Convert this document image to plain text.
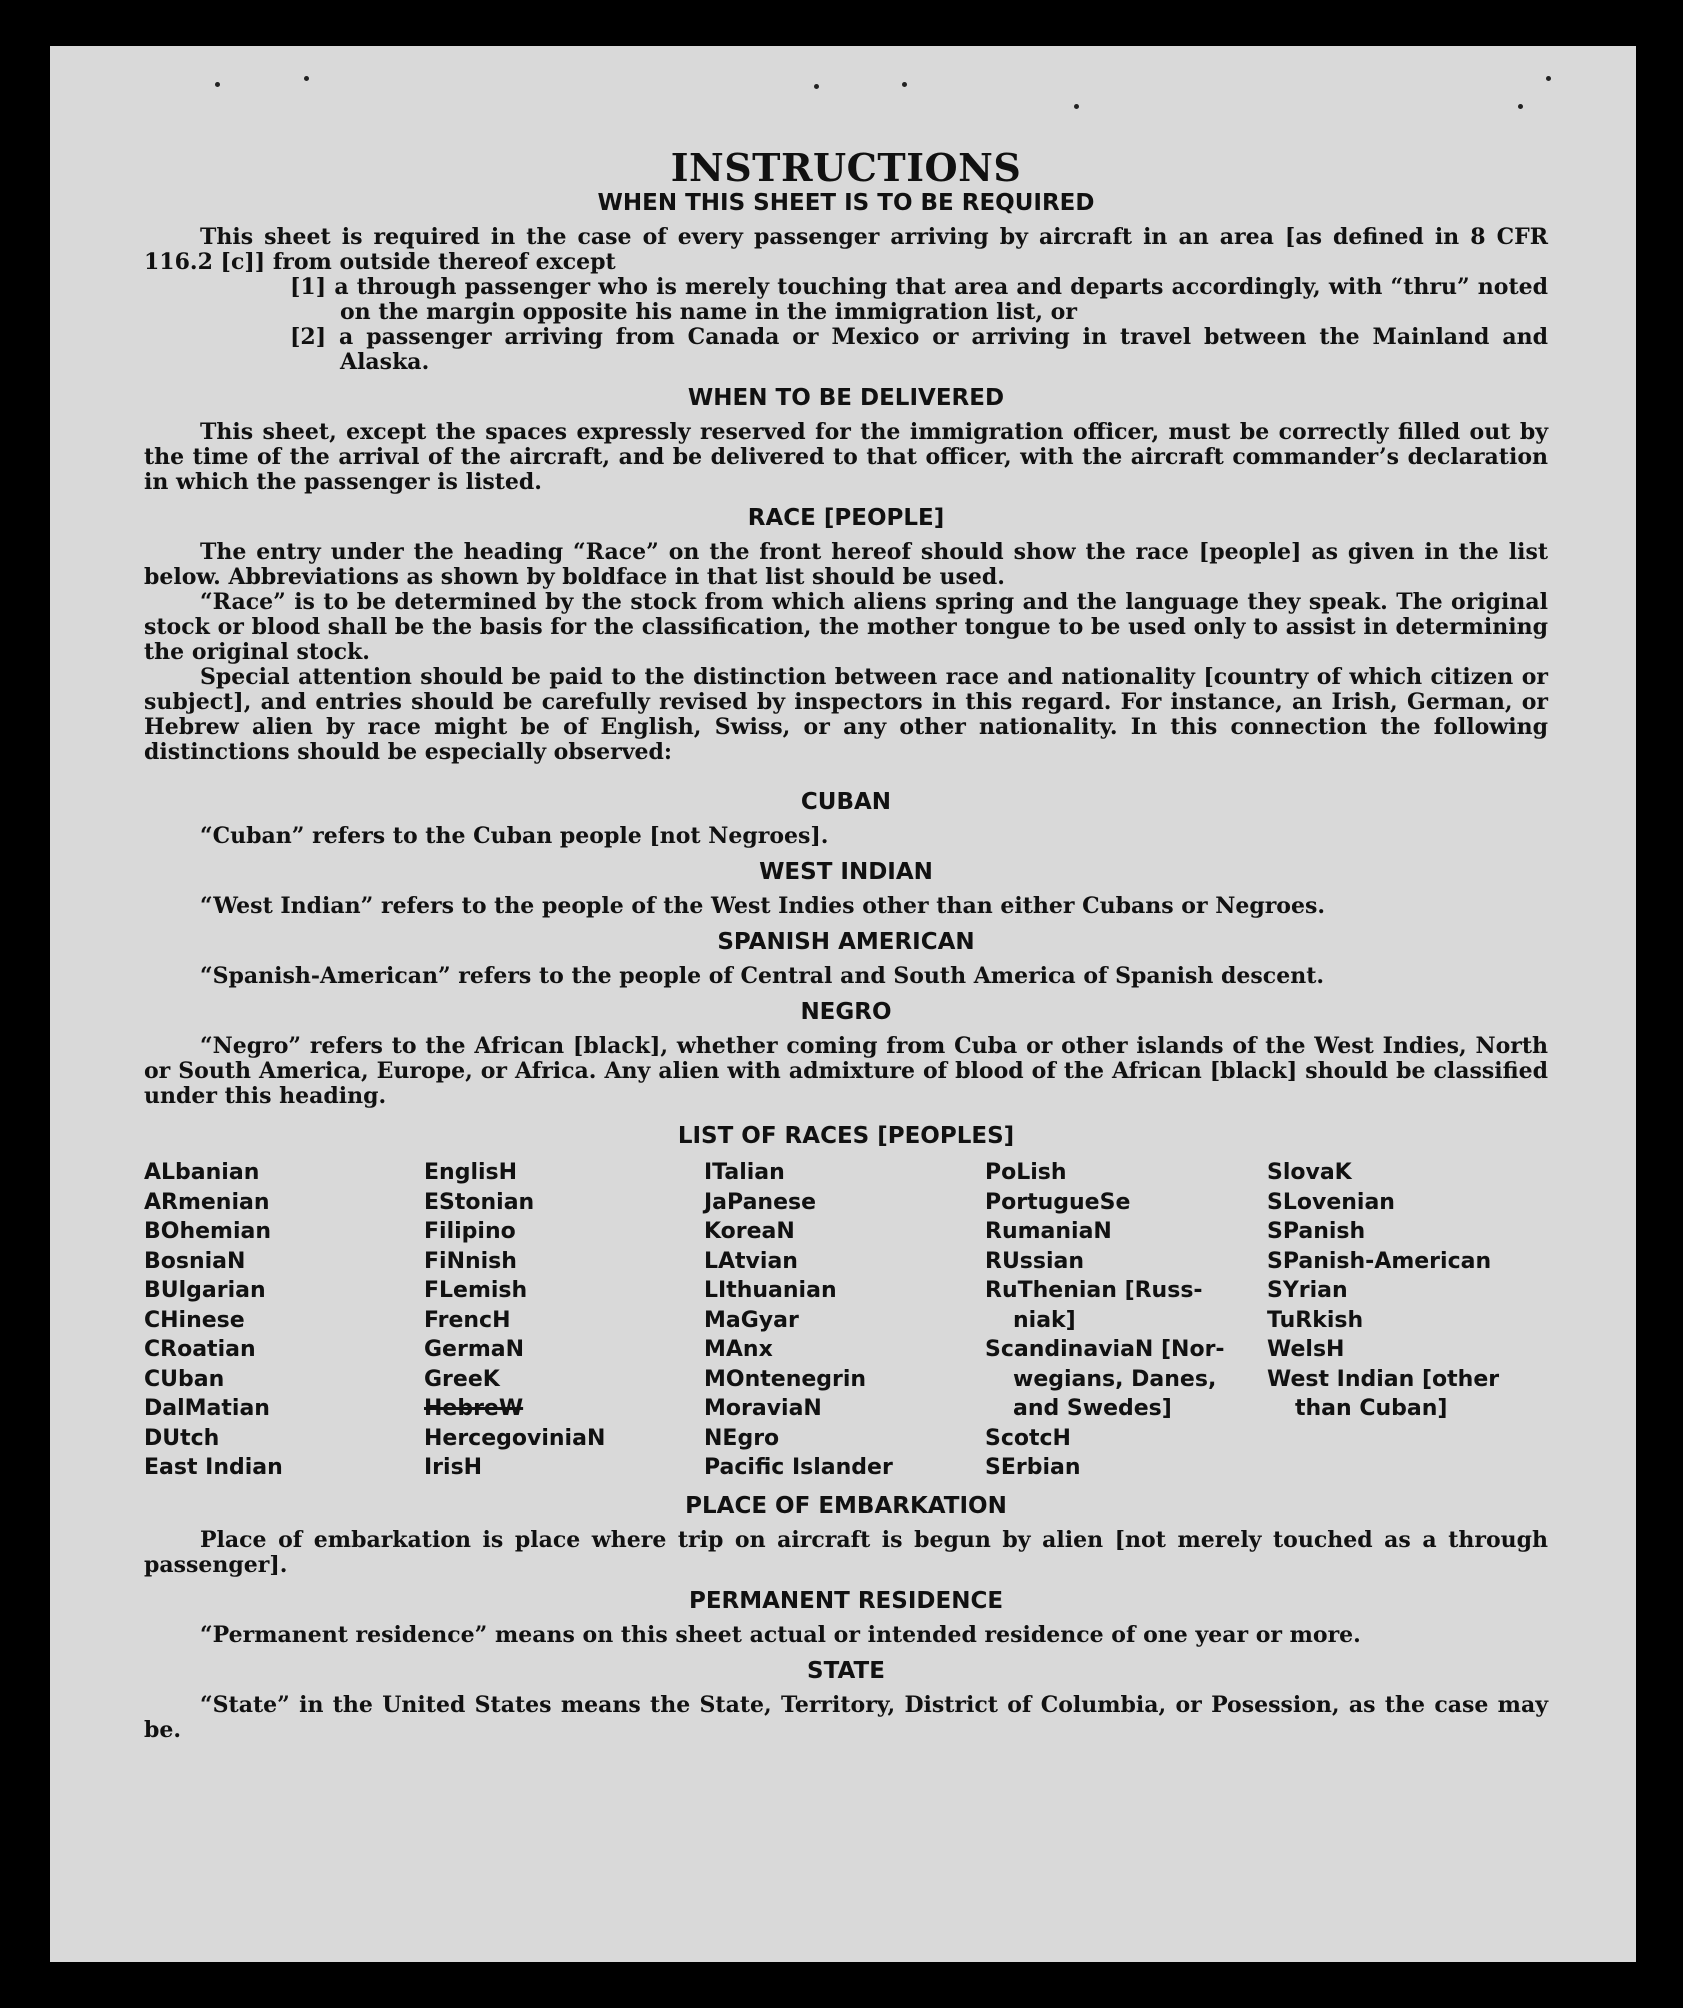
INSTRUCTIONS
WHEN THIS SHEET IS TO BE REQUIRED

This sheet is required in the case of every passenger arriving by aircraft in an area [as defined in 8 CFR 116.2 [c]] from outside thereof except

[1] a through passenger who is merely touching that area and departs accordingly, with “thru” noted on the margin opposite his name in the immigration list, or

[2] a passenger arriving from Canada or Mexico or arriving in travel between the Mainland and Alaska.

WHEN TO BE DELIVERED

This sheet, except the spaces expressly reserved for the immigration officer, must be correctly filled out by the time of the arrival of the aircraft, and be delivered to that officer, with the aircraft commander’s declaration in which the passenger is listed.

RACE [PEOPLE]

The entry under the heading “Race” on the front hereof should show the race [people] as given in the list below. Abbreviations as shown by boldface in that list should be used.

“Race” is to be determined by the stock from which aliens spring and the language they speak. The original stock or blood shall be the basis for the classification, the mother tongue to be used only to assist in determining the original stock.

Special attention should be paid to the distinction between race and nationality [country of which citizen or subject], and entries should be carefully revised by inspectors in this regard. For instance, an Irish, German, or Hebrew alien by race might be of English, Swiss, or any other nationality. In this connection the following distinctions should be especially observed:

CUBAN

“Cuban” refers to the Cuban people [not Negroes].

WEST INDIAN

“West Indian” refers to the people of the West Indies other than either Cubans or Negroes.

SPANISH AMERICAN

“Spanish-American” refers to the people of Central and South America of Spanish descent.

NEGRO

“Negro” refers to the African [black], whether coming from Cuba or other islands of the West Indies, North or South America, Europe, or Africa. Any alien with admixture of blood of the African [black] should be classified under this heading.

LIST OF RACES [PEOPLES]
ALbanian
ARmenian
BOhemian
BosniaN
BUlgarian
CHinese
CRoatian
CUban
DalMatian
DUtch
East Indian
EnglisH
EStonian
Filipino
FiNnish
FLemish
FrencH
GermaN
GreeK
HebreW
HercegoviniaN
IrisH
ITalian
JaPanese
KoreaN
LAtvian
LIthuanian
MaGyar
MAnx
MOntenegrin
MoraviaN
NEgro
Pacific Islander
PoLish
PortugueSe
RumaniaN
RUssian
RuThenian [Russ-
niak]
ScandinaviaN [Nor-
wegians, Danes,
and Swedes]
ScotcH
SErbian
SlovaK
SLovenian
SPanish
SPanish-American
SYrian
TuRkish
WelsH
West Indian [other
than Cuban]
PLACE OF EMBARKATION

Place of embarkation is place where trip on aircraft is begun by alien [not merely touched as a through passenger].

PERMANENT RESIDENCE

“Permanent residence” means on this sheet actual or intended residence of one year or more.

STATE

“State” in the United States means the State, Territory, District of Columbia, or Posession, as the case may be.
